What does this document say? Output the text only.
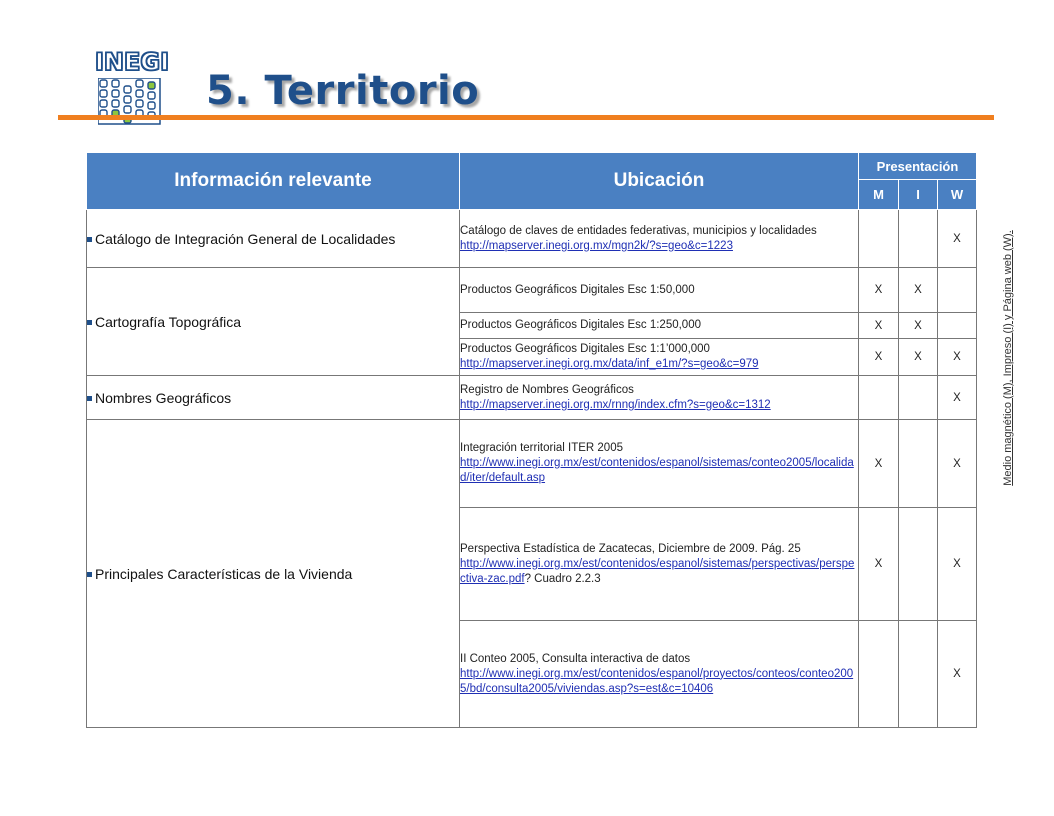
INEGI
5. Territorio
Información relevante	Ubicación	Presentación		
		M	I	W

Catálogo de Integración General de Localidades	Catálogo de claves de entidades federativas, municipios y localidades
http://mapserver.inegi.org.mx/mgn2k/?s=geo&c=1223			X
Cartografía Topográfica	Productos Geográficos Digitales Esc 1:50,000	X	X	

	Productos Geográficos Digitales Esc 1:250,000	X	X	

	Productos Geográficos Digitales Esc 1:1’000,000
http://mapserver.inegi.org.mx/data/inf_e1m/?s=geo&c=979	X	X	X
Nombres Geográficos	Registro de Nombres Geográficos
http://mapserver.inegi.org.mx/rnng/index.cfm?s=geo&c=1312			X
Principales Características de la Vivienda	Integración territorial ITER 2005
http://www.inegi.org.mx/est/contenidos/espanol/sistemas/conteo2005/localidad/iter/default.asp	X		X

	Perspectiva Estadística de Zacatecas, Diciembre de 2009. Pág. 25
http://www.inegi.org.mx/est/contenidos/espanol/sistemas/perspectivas/perspectiva-zac.pdf? Cuadro 2.2.3	X		X

	II Conteo 2005, Consulta interactiva de datos
http://www.inegi.org.mx/est/contenidos/espanol/proyectos/conteos/conteo2005/bd/consulta2005/viviendas.asp?s=est&c=10406			X
Medio magnético (M), Impreso (I) y Página web (W).
